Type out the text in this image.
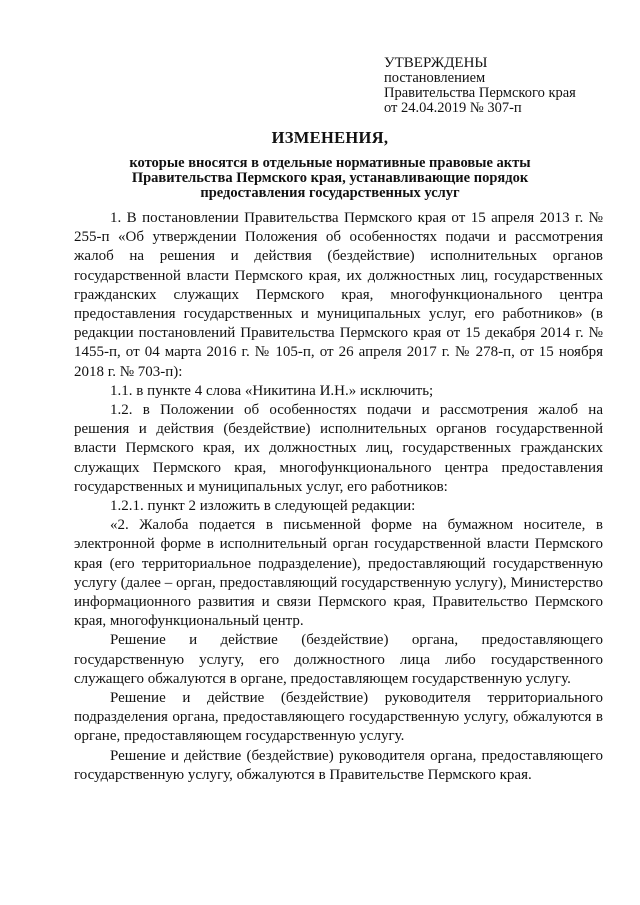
УТВЕРЖДЕНЫ
постановлением
Правительства Пермского края
от 24.04.2019 № 307-п
ИЗМЕНЕНИЯ,
которые вносятся в отдельные нормативные правовые акты
Правительства Пермского края, устанавливающие порядок
предоставления государственных услуг

1. В постановлении Правительства Пермского края от 15 апреля 2013 г. № 255-п «Об утверждении Положения об особенностях подачи и рассмотрения жалоб на решения и действия (бездействие) исполнительных органов государственной власти Пермского края, их должностных лиц, государственных гражданских служащих Пермского края, многофункционального центра предоставления государственных и муниципальных услуг, его работников» (в редакции постановлений Правительства Пермского края от 15 декабря 2014 г. № 1455-п, от 04 марта 2016 г. № 105-п, от 26 апреля 2017 г. № 278-п, от 15 ноября 2018 г. № 703-п):

1.1. в пункте 4 слова «Никитина И.Н.» исключить;

1.2. в Положении об особенностях подачи и рассмотрения жалоб на решения и действия (бездействие) исполнительных органов государственной власти Пермского края, их должностных лиц, государственных гражданских служащих Пермского края, многофункционального центра предоставления государственных и муниципальных услуг, его работников:

1.2.1. пункт 2 изложить в следующей редакции:

«2. Жалоба подается в письменной форме на бумажном носителе, в электронной форме в исполнительный орган государственной власти Пермского края (его территориальное подразделение), предоставляющий государственную услугу (далее – орган, предоставляющий государственную услугу), Министерство информационного развития и связи Пермского края, Правительство Пермского края, многофункциональный центр.

Решение и действие (бездействие) органа, предоставляющего государственную услугу, его должностного лица либо государственного служащего обжалуются в органе, предоставляющем государственную услугу.

Решение и действие (бездействие) руководителя территориального подразделения органа, предоставляющего государственную услугу, обжалуются в органе, предоставляющем государственную услугу.

Решение и действие (бездействие) руководителя органа, предоставляющего государственную услугу, обжалуются в Правительстве Пермского края.
